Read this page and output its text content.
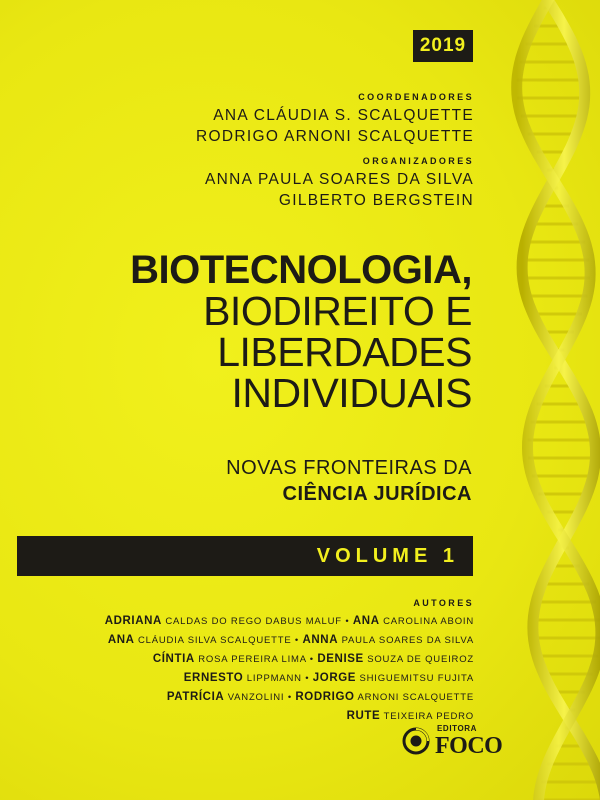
2019
COORDENADORES
ANA CLÁUDIA S. SCALQUETTE
RODRIGO ARNONI SCALQUETTE
ORGANIZADORES
ANNA PAULA SOARES DA SILVA
GILBERTO BERGSTEIN
BIOTECNOLOGIA,
BIODIREITO E
LIBERDADES
INDIVIDUAIS
NOVAS FRONTEIRAS DA
CIÊNCIA JURÍDICA
VOLUME 1
AUTORES
ADRIANA CALDAS DO REGO DABUS MALUF • ANA CAROLINA ABOIN
ANA CLÁUDIA SILVA SCALQUETTE • ANNA PAULA SOARES DA SILVA
CÍNTIA ROSA PEREIRA LIMA • DENISE SOUZA DE QUEIROZ
ERNESTO LIPPMANN • JORGE SHIGUEMITSU FUJITA
PATRÍCIA VANZOLINI • RODRIGO ARNONI SCALQUETTE
RUTE TEIXEIRA PEDRO
EDITORA
FOCO
